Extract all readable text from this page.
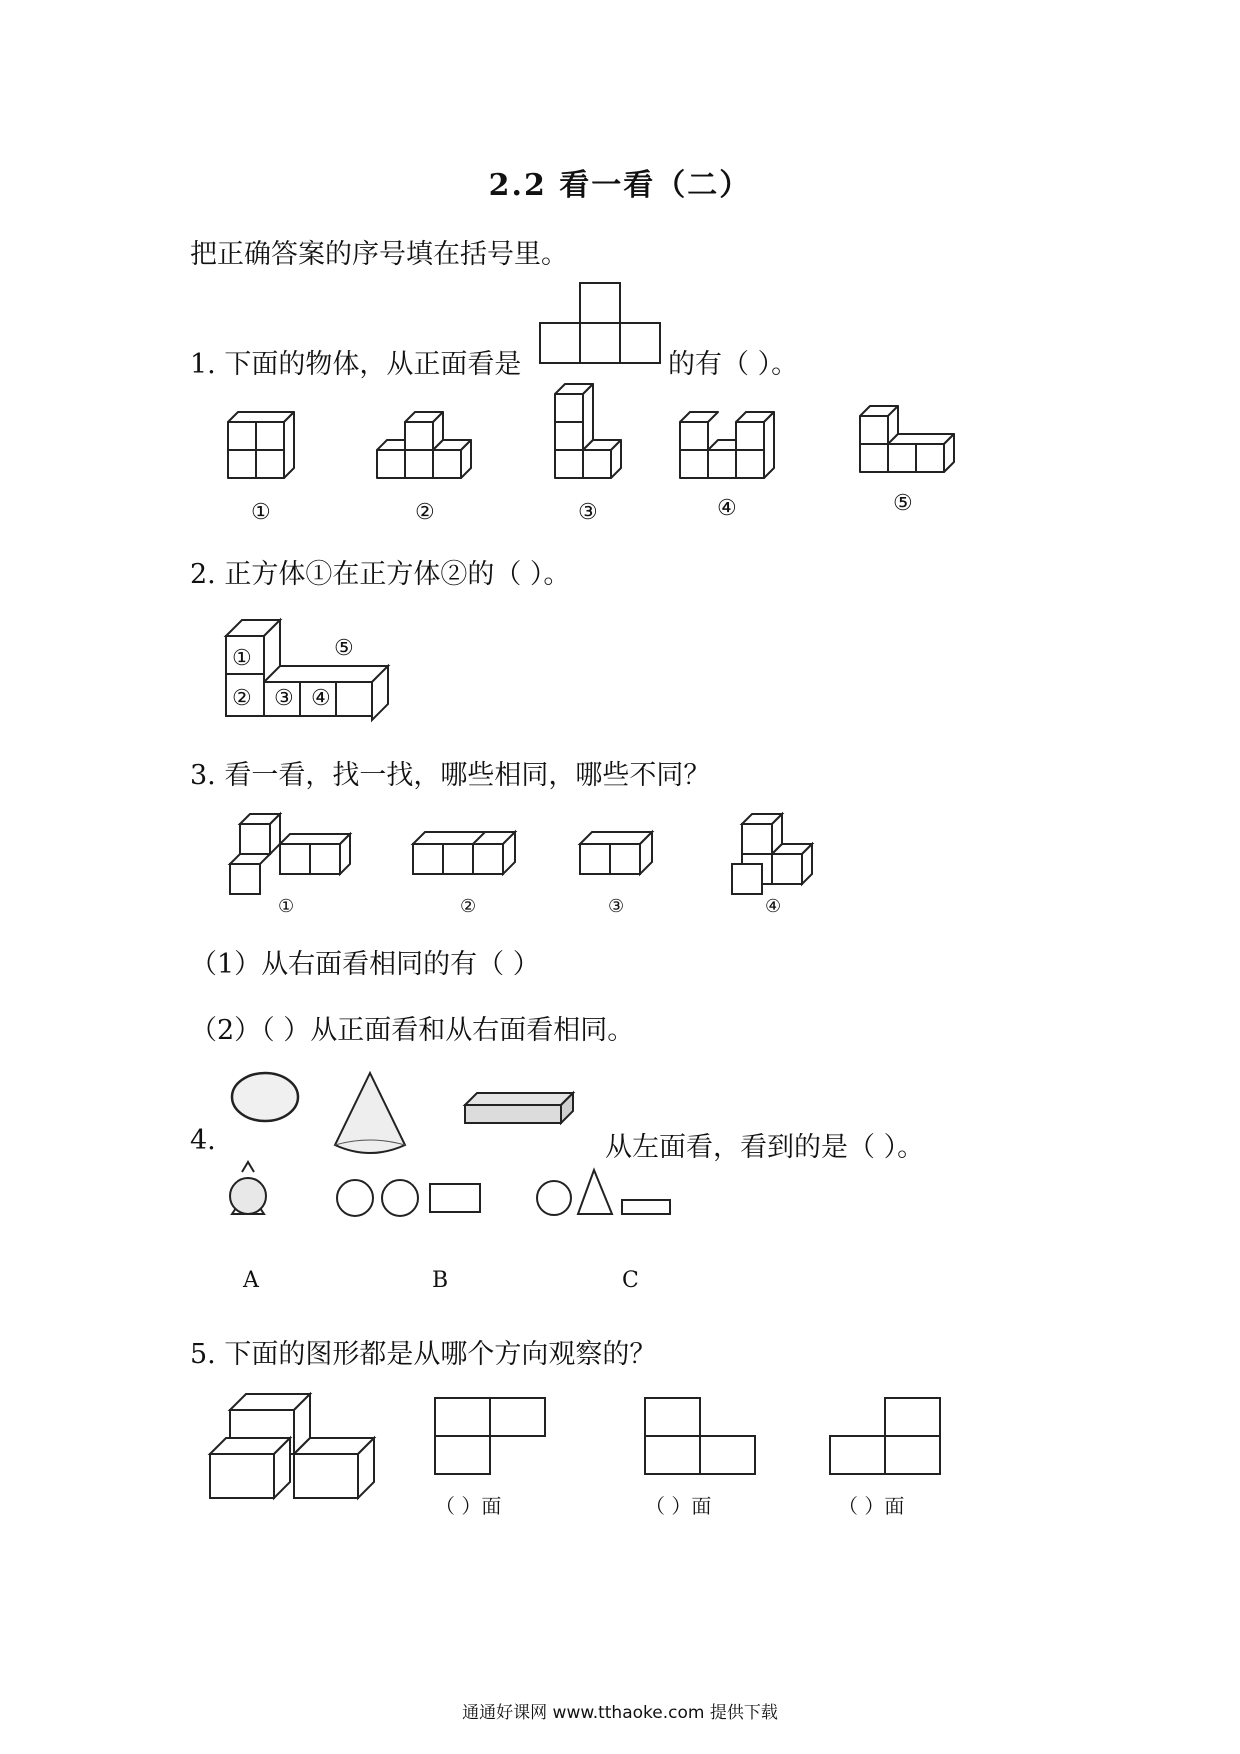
2.2 看一看（二）
把正确答案的序号填在括号里。
1. 下面的物体，从正面看是	的有（ ）。
①	②	③	④	⑤
2. 正方体①在正方体②的（ ）。
①
② ③ ④
⑤
3. 看一看，找一找，哪些相同，哪些不同？
①	②	③	④
（1）从右面看相同的有（ ）
（2）（ ）从正面看和从右面看相同。
4.	从左面看，看到的是（ ）。
A	B	C
5. 下面的图形都是从哪个方向观察的？
（ ）面	（ ）面	（ ）面
通通好课网 www.tthaoke.com 提供下载
